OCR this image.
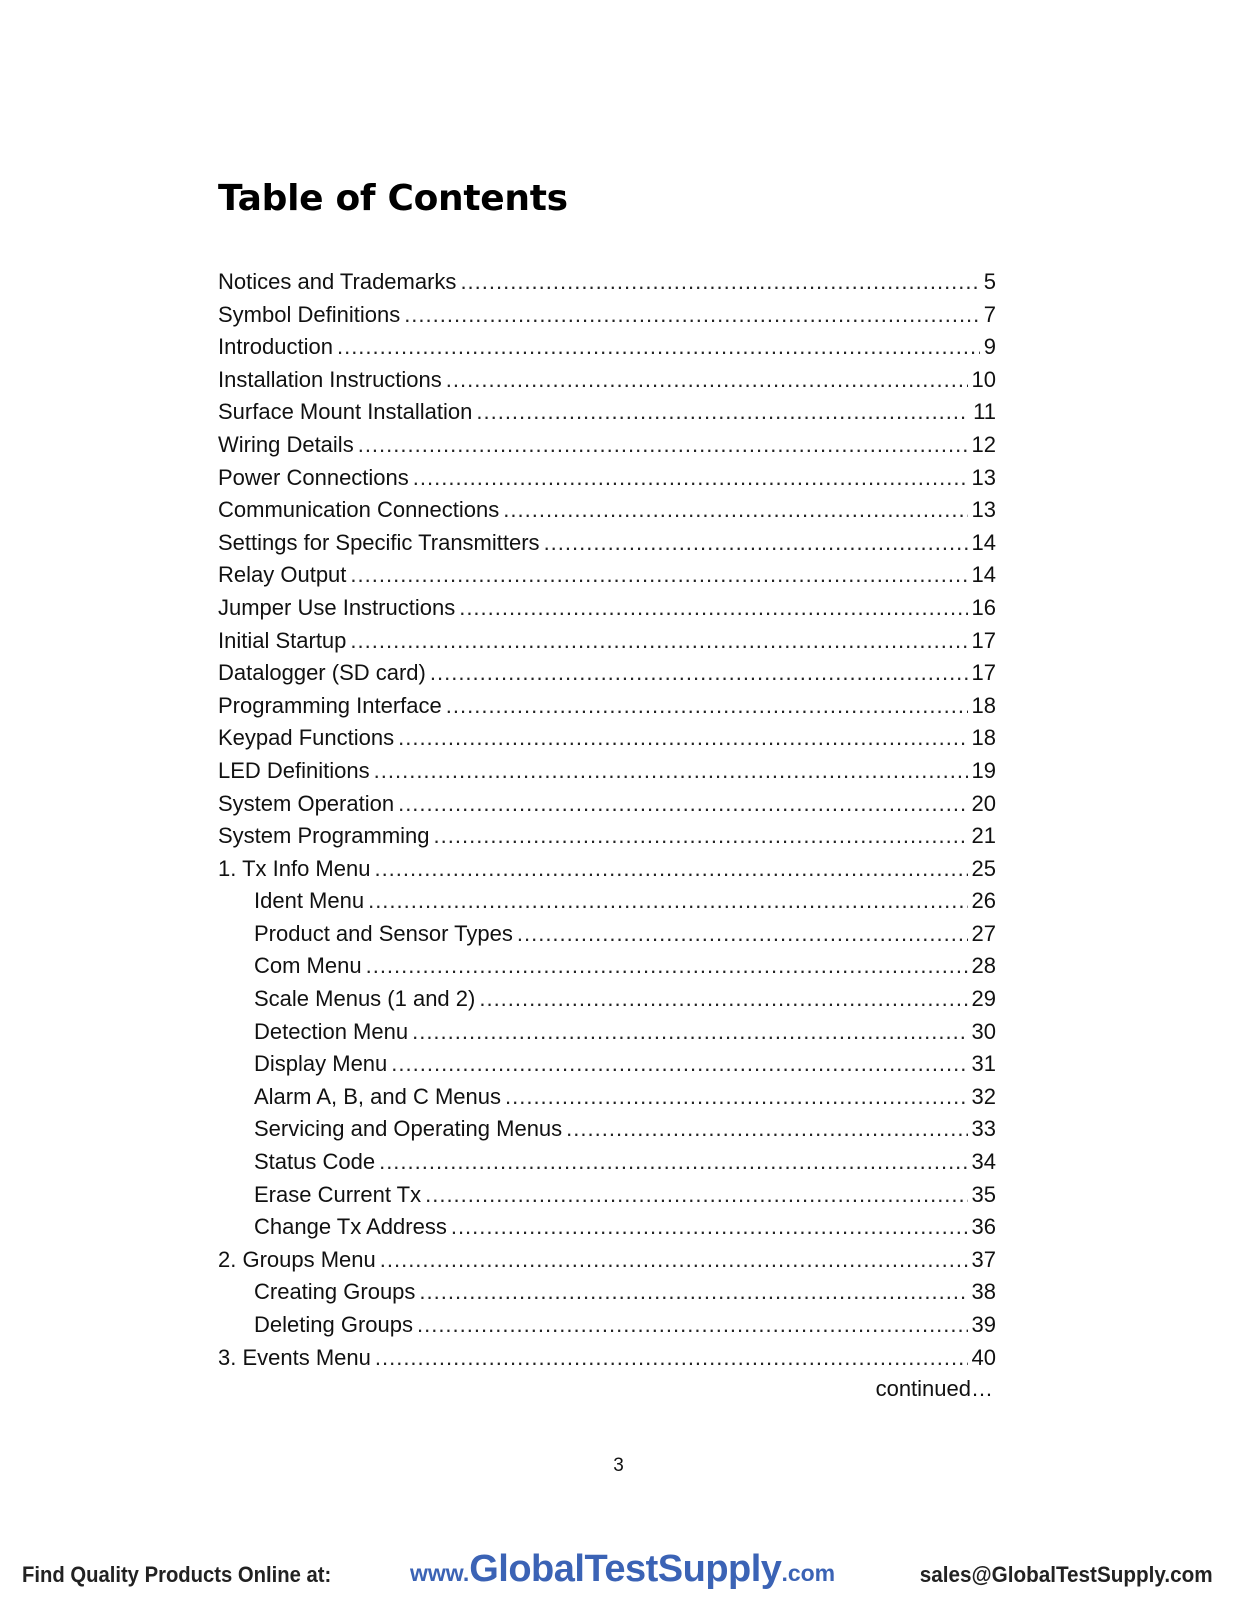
Table of Contents
Notices and Trademarks .....	5
Symbol Definitions .....	7
Introduction .....	9
Installation Instructions .....	10
Surface Mount Installation .....	11
Wiring Details .....	12
Power Connections .....	13
Communication Connections .....	13
Settings for Specific Transmitters .....	14
Relay Output .....	14
Jumper Use Instructions .....	16
Initial Startup .....	17
Datalogger (SD card) .....	17
Programming Interface .....	18
Keypad Functions .....	18
LED Definitions .....	19
System Operation .....	20
System Programming .....	21
1. Tx Info Menu .....	25
Ident Menu .....	26
Product and Sensor Types .....	27
Com Menu .....	28
Scale Menus (1 and 2) .....	29
Detection Menu .....	30
Display Menu .....	31
Alarm A, B, and C Menus .....	32
Servicing and Operating Menus .....	33
Status Code .....	34
Erase Current Tx .....	35
Change Tx Address .....	36
2. Groups Menu .....	37
Creating Groups .....	38
Deleting Groups .....	39
3. Events Menu .....	40
continued…
3
Find Quality Products Online at:	www.GlobalTestSupply.com	sales@GlobalTestSupply.com
